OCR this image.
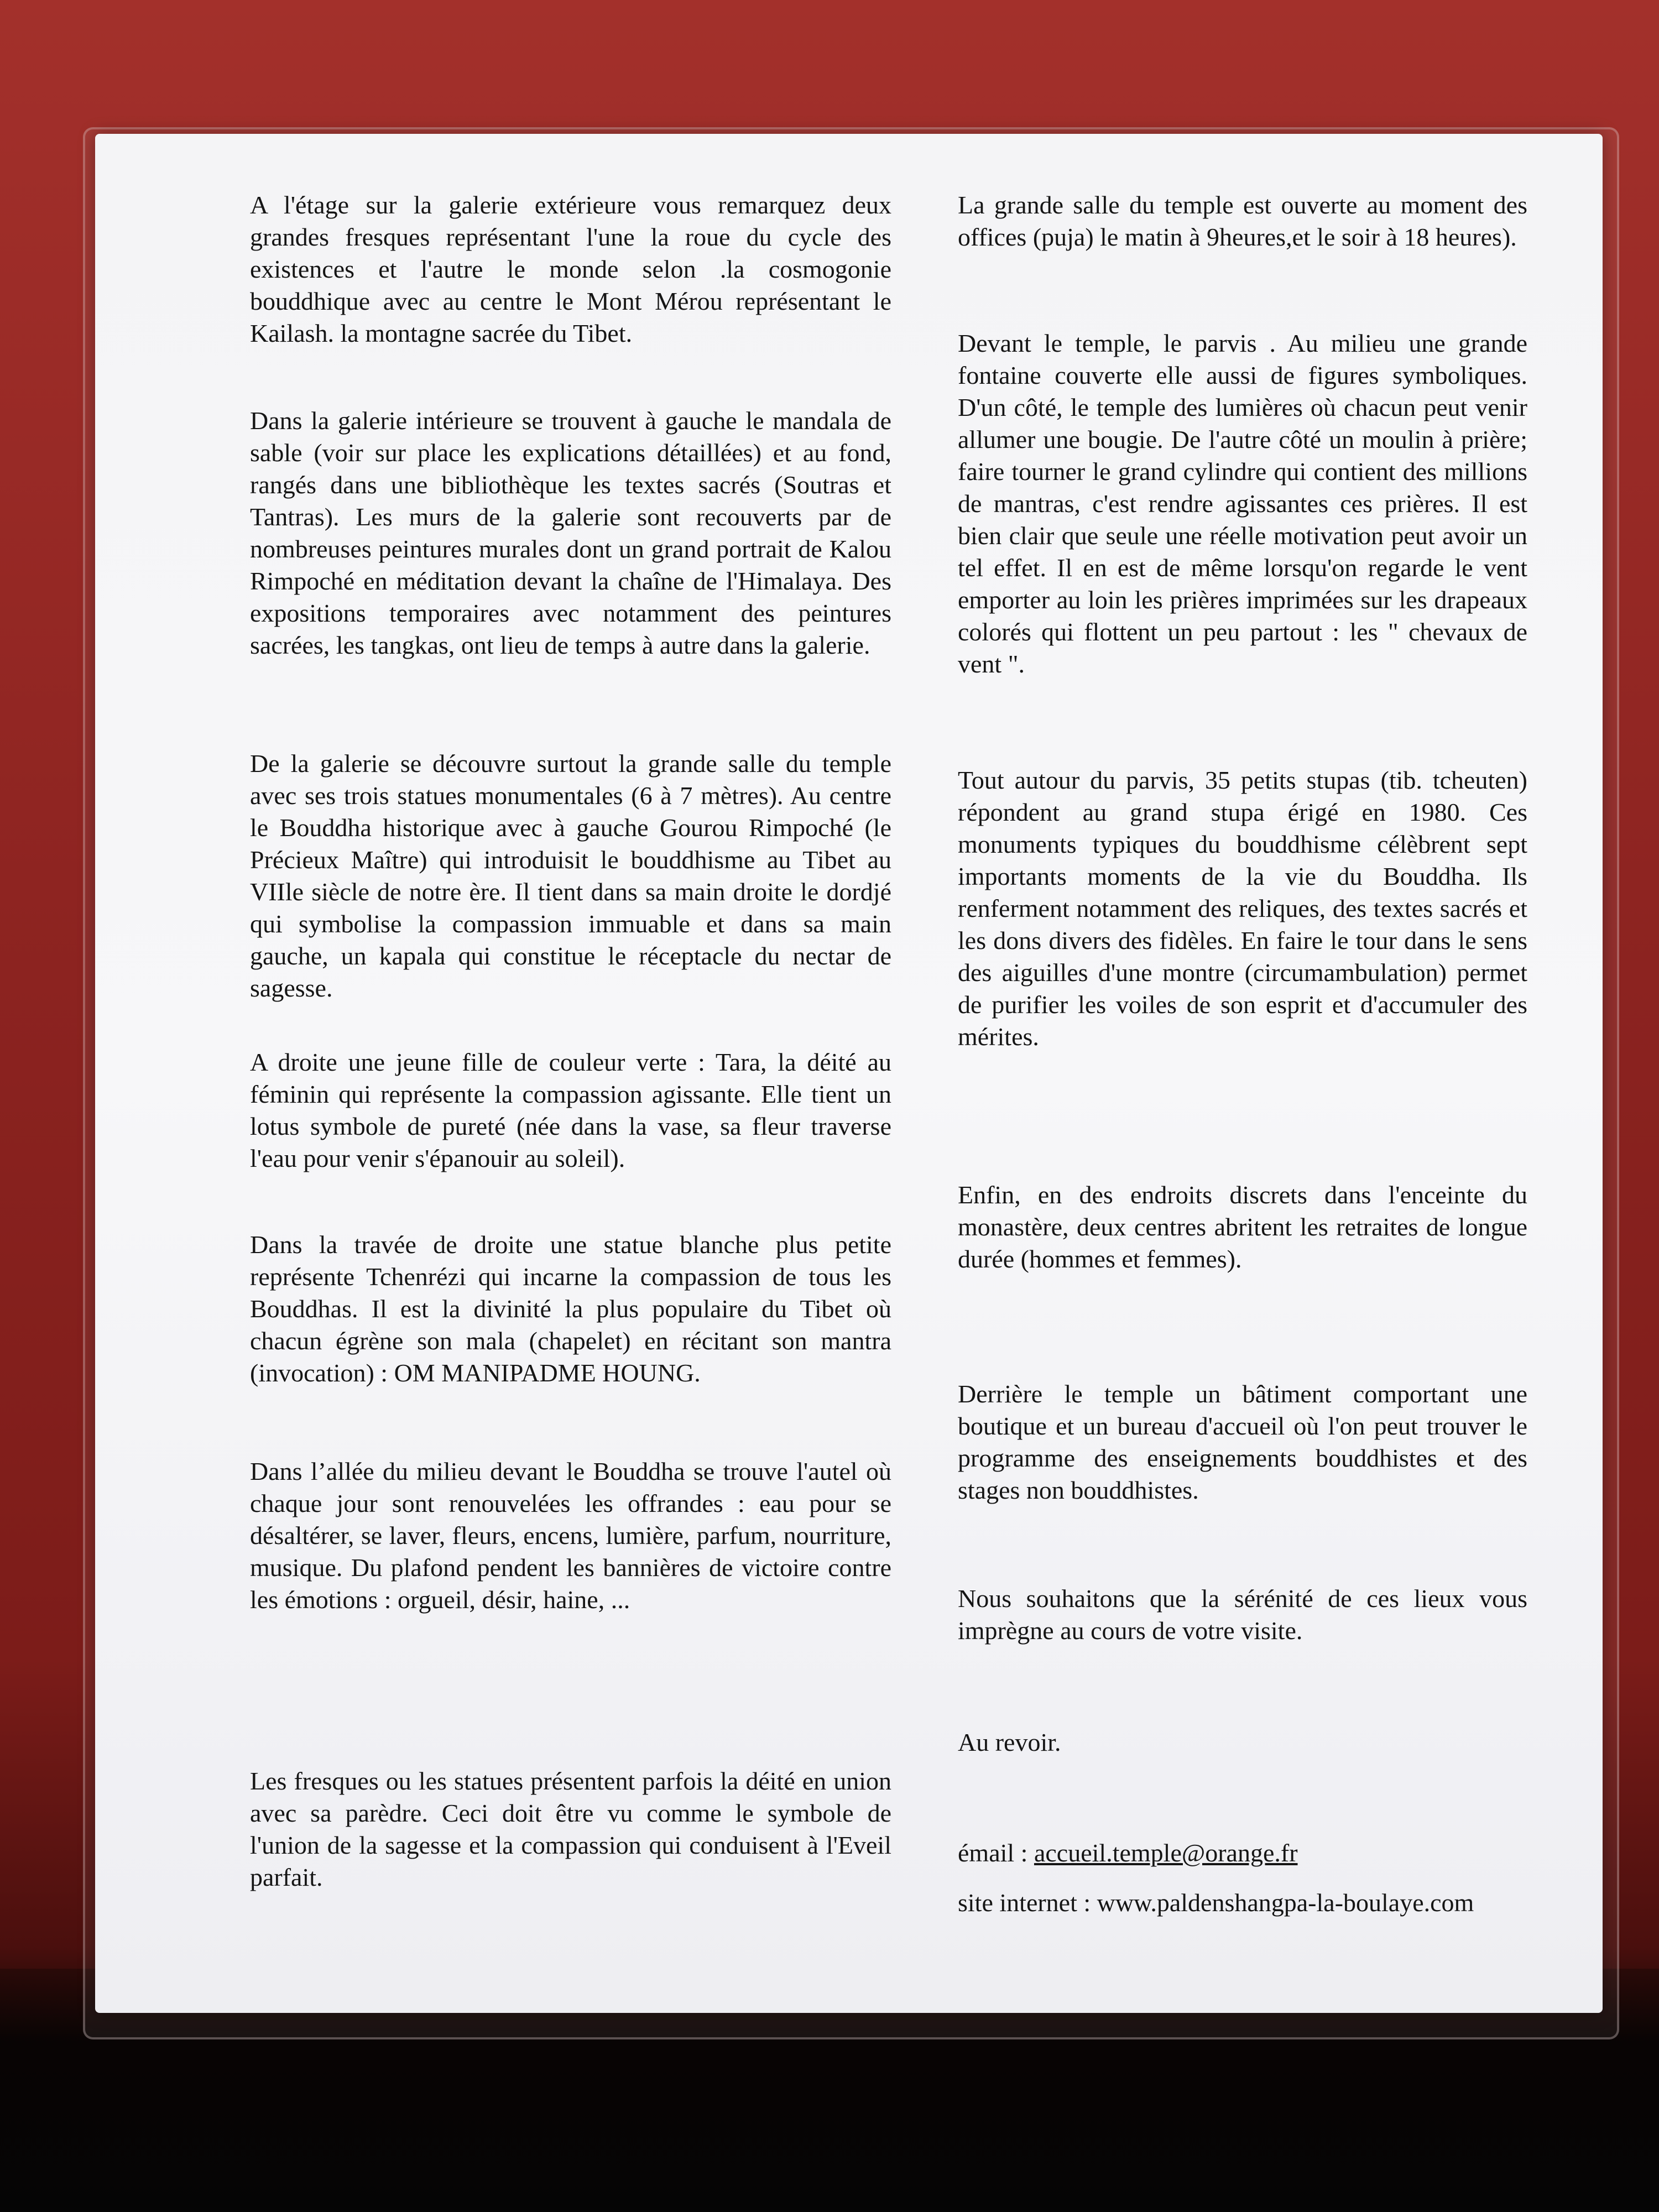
A l'étage sur la galerie extérieure vous remarquez deux grandes fresques représentant l'une la roue du cycle des existences et l'autre le monde selon .la cosmogonie bouddhique avec au centre le Mont Mérou représentant le Kailash. la montagne sacrée du Tibet.

Dans la galerie intérieure se trouvent à gauche le mandala de sable (voir sur place les explications détaillées) et au fond, rangés dans une bibliothèque les textes sacrés (Soutras et Tantras). Les murs de la galerie sont recouverts par de nombreuses peintures murales dont un grand portrait de Kalou Rimpoché en méditation devant la chaîne de l'Himalaya. Des expositions temporaires avec notamment des peintures sacrées, les tangkas, ont lieu de temps à autre dans la galerie.

De la galerie se découvre surtout la grande salle du temple avec ses trois statues monumentales (6 à 7 mètres). Au centre le Bouddha historique avec à gauche Gourou Rimpoché (le Précieux Maître) qui introduisit le bouddhisme au Tibet au VIIle siècle de notre ère. Il tient dans sa main droite le dordjé qui symbolise la compassion immuable et dans sa main gauche, un kapala qui constitue le réceptacle du nectar de sagesse.

A droite une jeune fille de couleur verte : Tara, la déité au féminin qui représente la compassion agissante. Elle tient un lotus symbole de pureté (née dans la vase, sa fleur traverse l'eau pour venir s'épanouir au soleil).

Dans la travée de droite une statue blanche plus petite représente Tchenrézi qui incarne la compassion de tous les Bouddhas. Il est la divinité la plus populaire du Tibet où chacun égrène son mala (chapelet) en récitant son mantra (invocation) : OM MANIPADME HOUNG.

Dans l’allée du milieu devant le Bouddha se trouve l'autel où chaque jour sont renouvelées les offrandes : eau pour se désaltérer, se laver, fleurs, encens, lumière, parfum, nourriture, musique. Du plafond pendent les bannières de victoire contre les émotions : orgueil, désir, haine, ...

Les fresques ou les statues présentent parfois la déité en union avec sa parèdre. Ceci doit être vu comme le symbole de l'union de la sagesse et la compassion qui conduisent à l'Eveil parfait.

La grande salle du temple est ouverte au moment des offices (puja) le matin à 9heures,et le soir à 18 heures).

Devant le temple, le parvis . Au milieu une grande fontaine couverte elle aussi de figures symboliques. D'un côté, le temple des lumières où chacun peut venir allumer une bougie. De l'autre côté un moulin à prière; faire tourner le grand cylindre qui contient des millions de mantras, c'est rendre agissantes ces prières. Il est bien clair que seule une réelle motivation peut avoir un tel effet. Il en est de même lorsqu'on regarde le vent emporter au loin les prières imprimées sur les drapeaux colorés qui flottent un peu partout : les " chevaux de vent ".

Tout autour du parvis, 35 petits stupas (tib. tcheuten) répondent au grand stupa érigé en 1980. Ces monuments typiques du bouddhisme célèbrent sept importants moments de la vie du Bouddha. Ils renferment notamment des reliques, des textes sacrés et les dons divers des fidèles. En faire le tour dans le sens des aiguilles d'une montre (circumambulation) permet de purifier les voiles de son esprit et d'accumuler des mérites.

Enfin, en des endroits discrets dans l'enceinte du monastère, deux centres abritent les retraites de longue durée (hommes et femmes).

Derrière le temple un bâtiment comportant une boutique et un bureau d'accueil où l'on peut trouver le programme des enseignements bouddhistes et des stages non bouddhistes.

Nous souhaitons que la sérénité de ces lieux vous imprègne au cours de votre visite.

Au revoir.

émail : accueil.temple@orange.fr

site internet : www.paldenshangpa-la-boulaye.com
